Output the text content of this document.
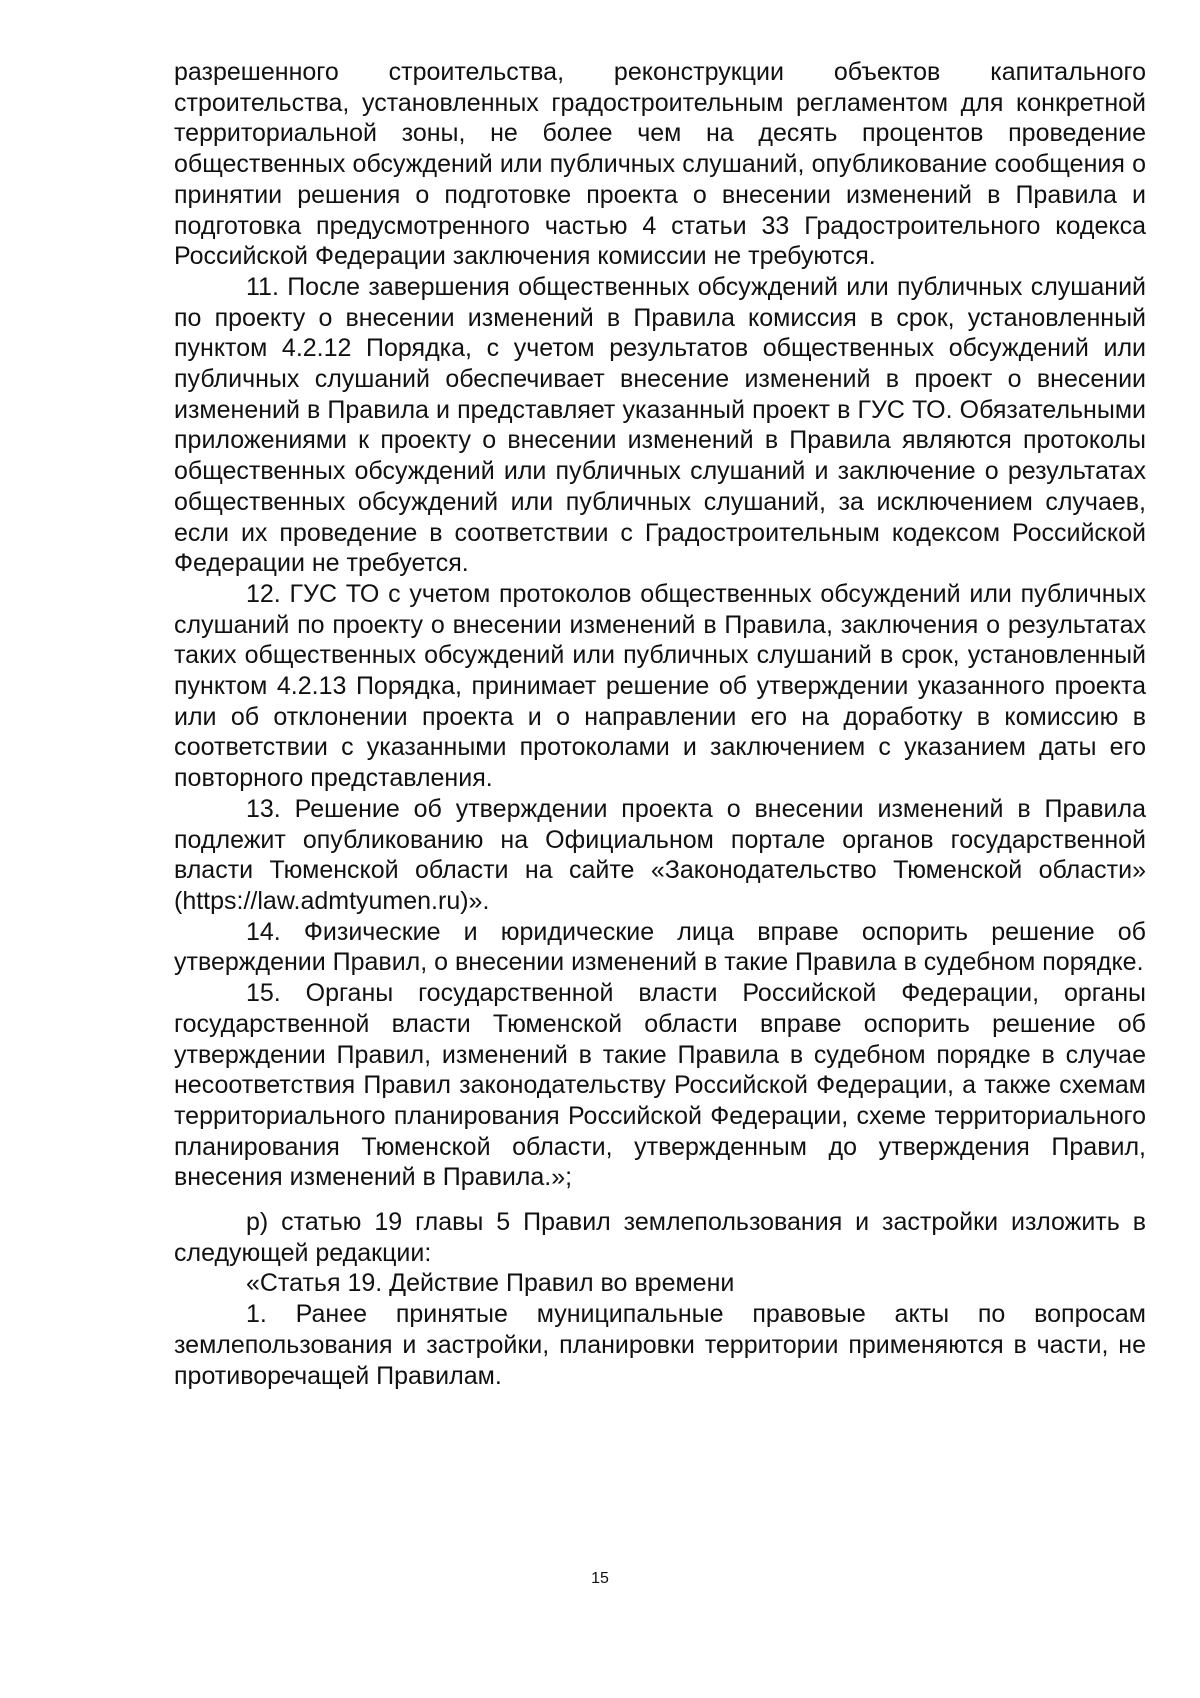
разрешенного строительства, реконструкции объектов капитального строительства, установленных градостроительным регламентом для конкретной территориальной зоны, не более чем на десять процентов проведение общественных обсуждений или публичных слушаний, опубликование сообщения о принятии решения о подготовке проекта о внесении изменений в Правила и подготовка предусмотренного частью 4 статьи 33 Градостроительного кодекса Российской Федерации заключения комиссии не требуются.

11. После завершения общественных обсуждений или публичных слушаний по проекту о внесении изменений в Правила комиссия в срок, установленный пунктом 4.2.12 Порядка, с учетом результатов общественных обсуждений или публичных слушаний обеспечивает внесение изменений в проект о внесении изменений в Правила и представляет указанный проект в ГУС ТО. Обязательными приложениями к проекту о внесении изменений в Правила являются протоколы общественных обсуждений или публичных слушаний и заключение о результатах общественных обсуждений или публичных слушаний, за исключением случаев, если их проведение в соответствии с Градостроительным кодексом Российской Федерации не требуется.

12. ГУС ТО с учетом протоколов общественных обсуждений или публичных слушаний по проекту о внесении изменений в Правила, заключения о результатах таких общественных обсуждений или публичных слушаний в срок, установленный пунктом 4.2.13 Порядка, принимает решение об утверждении указанного проекта или об отклонении проекта и о направлении его на доработку в комиссию в соответствии с указанными протоколами и заключением с указанием даты его повторного представления.

13. Решение об утверждении проекта о внесении изменений в Правила подлежит опубликованию на Официальном портале органов государственной власти Тюменской области на сайте «Законодательство Тюменской области» (https://law.admtyumen.ru)».

14. Физические и юридические лица вправе оспорить решение об утверждении Правил, о внесении изменений в такие Правила в судебном порядке.

15. Органы государственной власти Российской Федерации, органы государственной власти Тюменской области вправе оспорить решение об утверждении Правил, изменений в такие Правила в судебном порядке в случае несоответствия Правил законодательству Российской Федерации, а также схемам территориального планирования Российской Федерации, схеме территориального планирования Тюменской области, утвержденным до утверждения Правил, внесения изменений в Правила.»;

р) статью 19 главы 5 Правил землепользования и застройки изложить в следующей редакции:

«Статья 19. Действие Правил во времени

1. Ранее принятые муниципальные правовые акты по вопросам землепользования и застройки, планировки территории применяются в части, не противоречащей Правилам.

15
